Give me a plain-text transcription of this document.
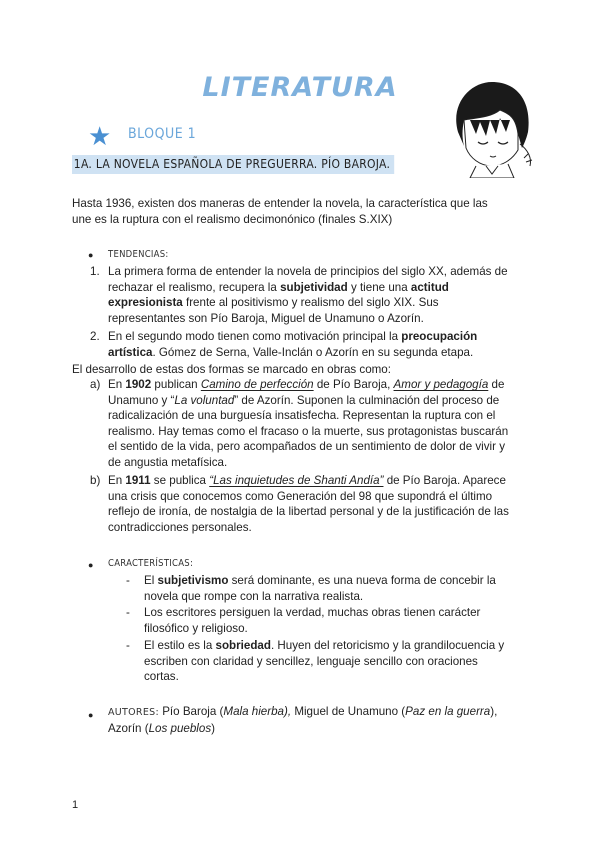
LITERATURA
★ BLOQUE 1
1A. LA NOVELA ESPAÑOLA DE PREGUERRA. PÍO BAROJA.
Hasta 1936, existen dos maneras de entender la novela, la característica que las
une es la ruptura con el realismo decimonónico (finales S.XIX)
● TENDENCIAS:
1. La primera forma de entender la novela de principios del siglo XX, además de
rechazar el realismo, recupera la subjetividad y tiene una actitud
expresionista frente al positivismo y realismo del siglo XIX. Sus
representantes son Pío Baroja, Miguel de Unamuno o Azorín.
2. En el segundo modo tienen como motivación principal la preocupación
artística. Gómez de Serna, Valle-Inclán o Azorín en su segunda etapa.
El desarrollo de estas dos formas se marcado en obras como:
a) En 1902 publican Camino de perfección de Pío Baroja, Amor y pedagogía de
Unamuno y “La voluntad” de Azorín. Suponen la culminación del proceso de
radicalización de una burguesía insatisfecha. Representan la ruptura con el
realismo. Hay temas como el fracaso o la muerte, sus protagonistas buscarán
el sentido de la vida, pero acompañados de un sentimiento de dolor de vivir y
de angustia metafísica.
b) En 1911 se publica “Las inquietudes de Shanti Andía” de Pío Baroja. Aparece
una crisis que conocemos como Generación del 98 que supondrá el último
reflejo de ironía, de nostalgia de la libertad personal y de la justificación de las
contradicciones personales.
● CARACTERÍSTICAS:
- El subjetivismo será dominante, es una nueva forma de concebir la
novela que rompe con la narrativa realista.
- Los escritores persiguen la verdad, muchas obras tienen carácter
filosófico y religioso.
- El estilo es la sobriedad. Huyen del retoricismo y la grandilocuencia y
escriben con claridad y sencillez, lenguaje sencillo con oraciones
cortas.
● AUTORES: Pío Baroja (Mala hierba), Miguel de Unamuno (Paz en la guerra),
Azorín (Los pueblos)
1
